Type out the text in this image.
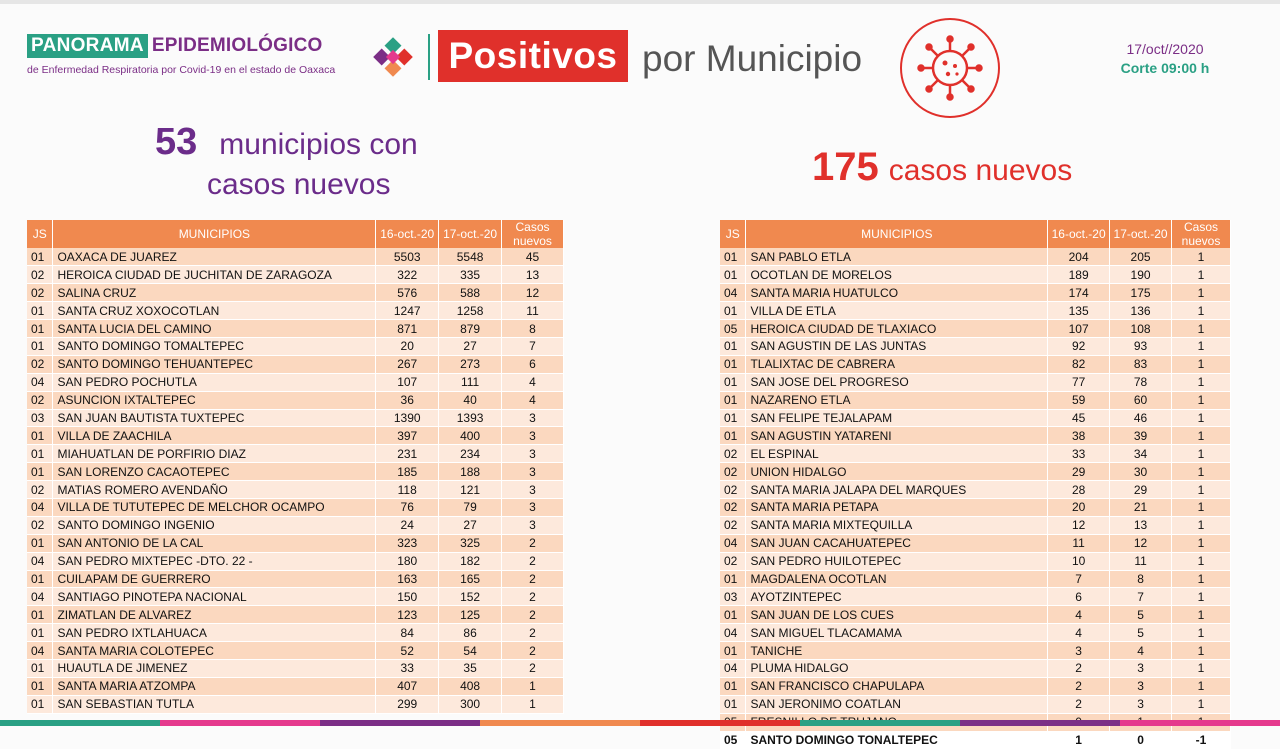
PANORAMA EPIDEMIOLÓGICO
de Enfermedad Respiratoria por Covid-19 en el estado de Oaxaca	Positivos por Municipio	17/oct//2020
Corte 09:00 h
53 municipios con
casos nuevos	175 casos nuevos
JS	MUNICIPIOS	16-oct.-20	17-oct.-20	Casos nuevos
01	OAXACA DE JUAREZ	5503	5548	45
02	HEROICA CIUDAD DE JUCHITAN DE ZARAGOZA	322	335	13
02	SALINA CRUZ	576	588	12
01	SANTA CRUZ XOXOCOTLAN	1247	1258	11
01	SANTA LUCIA DEL CAMINO	871	879	8
01	SANTO DOMINGO TOMALTEPEC	20	27	7
02	SANTO DOMINGO TEHUANTEPEC	267	273	6
04	SAN PEDRO POCHUTLA	107	111	4
02	ASUNCION IXTALTEPEC	36	40	4
03	SAN JUAN BAUTISTA TUXTEPEC	1390	1393	3
01	VILLA DE ZAACHILA	397	400	3
01	MIAHUATLAN DE PORFIRIO DIAZ	231	234	3
01	SAN LORENZO CACAOTEPEC	185	188	3
02	MATIAS ROMERO AVENDAÑO	118	121	3
04	VILLA DE TUTUTEPEC DE MELCHOR OCAMPO	76	79	3
02	SANTO DOMINGO INGENIO	24	27	3
01	SAN ANTONIO DE LA CAL	323	325	2
04	SAN PEDRO MIXTEPEC -DTO. 22 -	180	182	2
01	CUILAPAM DE GUERRERO	163	165	2
04	SANTIAGO PINOTEPA NACIONAL	150	152	2
01	ZIMATLAN DE ALVAREZ	123	125	2
01	SAN PEDRO IXTLAHUACA	84	86	2
04	SANTA MARIA COLOTEPEC	52	54	2
01	HUAUTLA DE JIMENEZ	33	35	2
01	SANTA MARIA ATZOMPA	407	408	1
01	SAN SEBASTIAN TUTLA	299	300	1
JS	MUNICIPIOS	16-oct.-20	17-oct.-20	Casos nuevos
01	SAN PABLO ETLA	204	205	1
01	OCOTLAN DE MORELOS	189	190	1
04	SANTA MARIA HUATULCO	174	175	1
01	VILLA DE ETLA	135	136	1
05	HEROICA CIUDAD DE TLAXIACO	107	108	1
01	SAN AGUSTIN DE LAS JUNTAS	92	93	1
01	TLALIXTAC DE CABRERA	82	83	1
01	SAN JOSE DEL PROGRESO	77	78	1
01	NAZARENO ETLA	59	60	1
01	SAN FELIPE TEJALAPAM	45	46	1
01	SAN AGUSTIN YATARENI	38	39	1
02	EL ESPINAL	33	34	1
02	UNION HIDALGO	29	30	1
02	SANTA MARIA JALAPA DEL MARQUES	28	29	1
02	SANTA MARIA PETAPA	20	21	1
02	SANTA MARIA MIXTEQUILLA	12	13	1
04	SAN JUAN CACAHUATEPEC	11	12	1
02	SAN PEDRO HUILOTEPEC	10	11	1
01	MAGDALENA OCOTLAN	7	8	1
03	AYOTZINTEPEC	6	7	1
01	SAN JUAN DE LOS CUES	4	5	1
04	SAN MIGUEL TLACAMAMA	4	5	1
01	TANICHE	3	4	1
04	PLUMA HIDALGO	2	3	1
01	SAN FRANCISCO CHAPULAPA	2	3	1
01	SAN JERONIMO COATLAN	2	3	1

05	SANTO DOMINGO TONALTEPEC	1	0	-1
